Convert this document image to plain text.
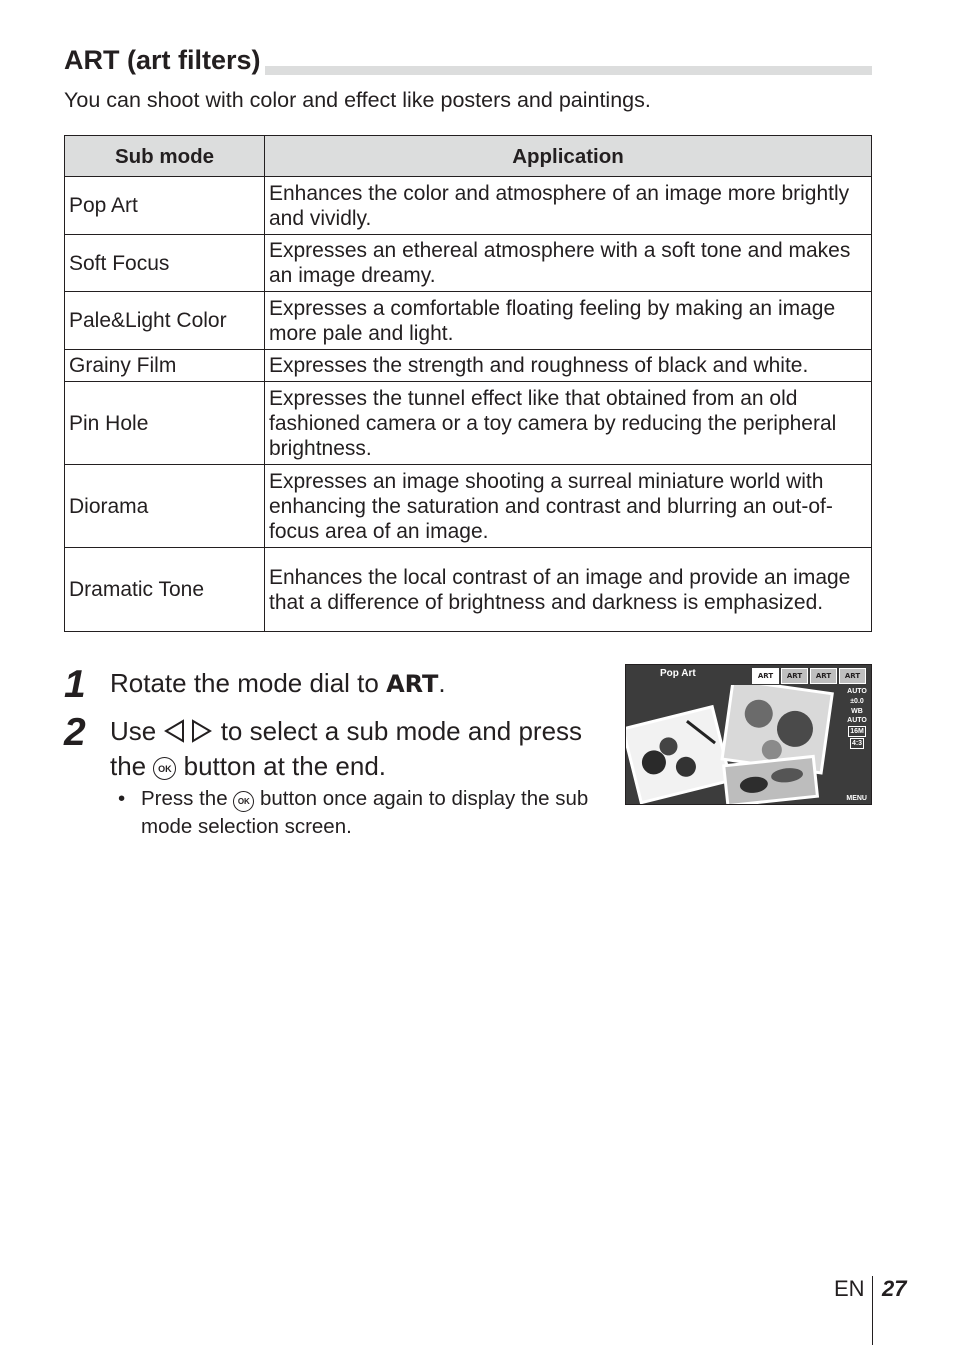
ART (art filters)
You can shoot with color and effect like posters and paintings.
Sub mode	Application
Pop Art	Enhances the color and atmosphere of an image more brightly and vividly.
Soft Focus	Expresses an ethereal atmosphere with a soft tone and makes an image dreamy.
Pale&Light Color	Expresses a comfortable floating feeling by making an image more pale and light.
Grainy Film	Expresses the strength and roughness of black and white.
Pin Hole	Expresses the tunnel effect like that obtained from an old fashioned camera or a toy camera by reducing the peripheral brightness.
Diorama	Expresses an image shooting a surreal miniature world with enhancing the saturation and contrast and blurring an out-of-focus area of an image.
Dramatic Tone	Enhances the local contrast of an image and provide an image that a difference of brightness and darkness is emphasized.
1 Rotate the mode dial to ART.
2 Use  to select a sub mode and press
the OK button at the end.
• Press the OK button once again to display the sub mode selection screen.
Pop Art	ART	ART	ART	ART
AUTO
±0.0
WB AUTO
16M
4:3
MENU
EN 27
